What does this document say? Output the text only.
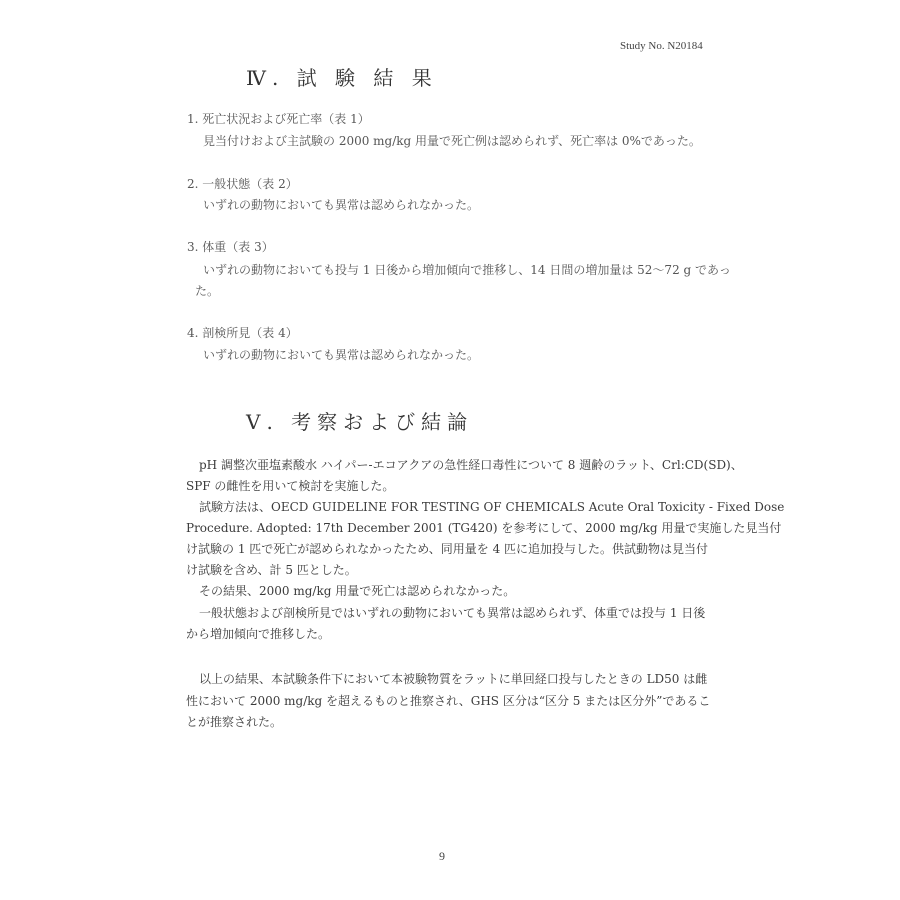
Study No. N20184
Ⅳ. 試 験 結 果
1. 死亡状況および死亡率（表 1）
見当付けおよび主試験の 2000 mg/kg 用量で死亡例は認められず、死亡率は 0%であった。
2. 一般状態（表 2）
いずれの動物においても異常は認められなかった。
3. 体重（表 3）
いずれの動物においても投与 1 日後から増加傾向で推移し、14 日間の増加量は 52〜72 g であっ
た。
4. 剖検所見（表 4）
いずれの動物においても異常は認められなかった。
Ⅴ. 考察および結論
pH 調整次亜塩素酸水 ハイパー-エコアクアの急性経口毒性について 8 週齢のラット、Crl:CD(SD)、
SPF の雌性を用いて検討を実施した。
試験方法は、OECD GUIDELINE FOR TESTING OF CHEMICALS Acute Oral Toxicity - Fixed Dose
Procedure. Adopted: 17th December 2001 (TG420) を参考にして、2000 mg/kg 用量で実施した見当付
け試験の 1 匹で死亡が認められなかったため、同用量を 4 匹に追加投与した。供試動物は見当付
け試験を含め、計 5 匹とした。
その結果、2000 mg/kg 用量で死亡は認められなかった。
一般状態および剖検所見ではいずれの動物においても異常は認められず、体重では投与 1 日後
から増加傾向で推移した。
以上の結果、本試験条件下において本被験物質をラットに単回経口投与したときの LD50 は雌
性において 2000 mg/kg を超えるものと推察され、GHS 区分は“区分 5 または区分外”であるこ
とが推察された。
9
